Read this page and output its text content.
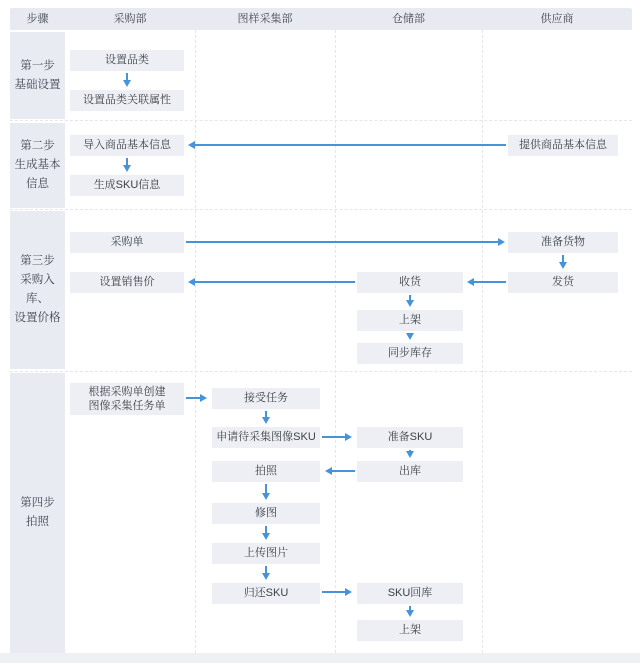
步骤	采购部	图样采集部	仓储部	供应商
第一步
基础设置
第二步
生成基本信息
第三步
采购入库、
设置价格
第四步
拍照
设置品类
设置品类关联属性
导入商品基本信息
生成SKU信息
采购单
设置销售价
根据采购单创建
图像采集任务单
接受任务
申请待采集图像SKU
拍照
修图
上传图片
归还SKU
收货
上架
同步库存
准备SKU
出库
SKU回库
上架
提供商品基本信息
准备货物
发货
